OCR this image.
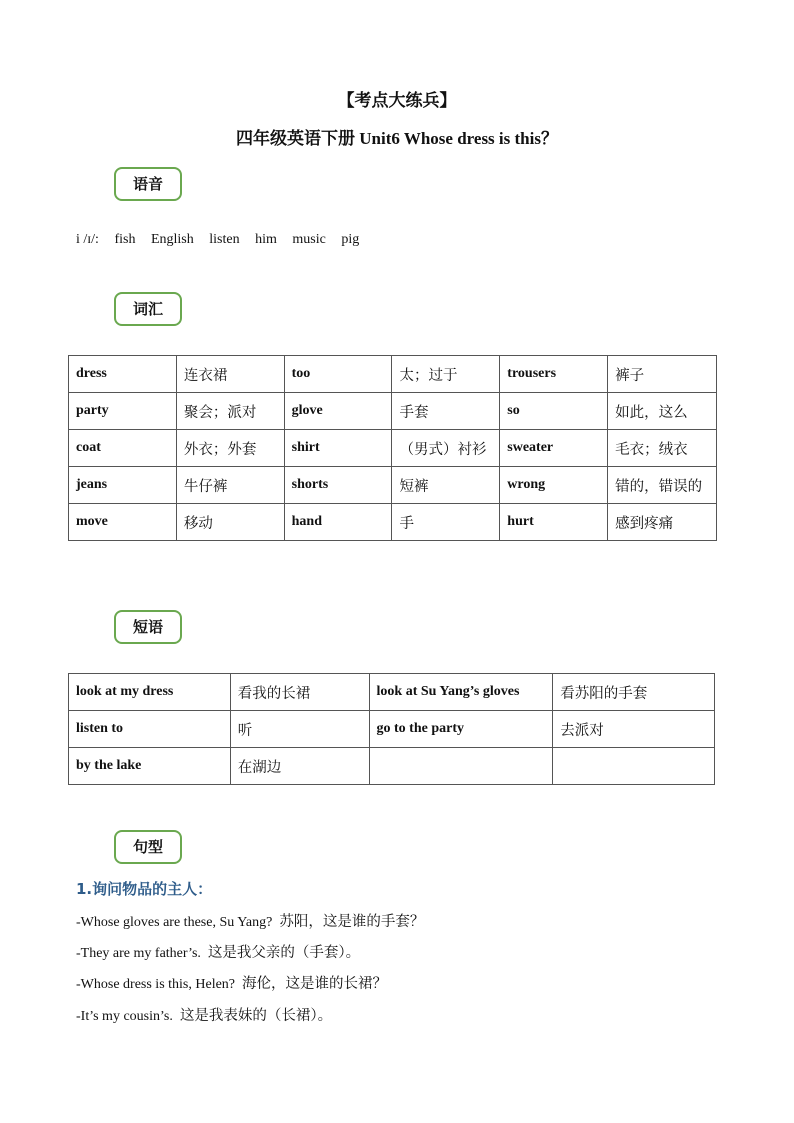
【考点大练兵】
四年级英语下册 Unit6 Whose dress is this？
语音
i /ɪ/: fish English listen him music pig
词汇
dress	连衣裙	too	太；过于	trousers	裤子
party	聚会；派对	glove	手套	so	如此，这么
coat	外衣；外套	shirt	（男式）衬衫	sweater	毛衣；绒衣
jeans	牛仔裤	shorts	短裤	wrong	错的，错误的
move	移动	hand	手	hurt	感到疼痛
短语
look at my dress	看我的长裙	look at Su Yang’s gloves	看苏阳的手套
listen to	听	go to the party	去派对
by the lake	在湖边		
句型
1.询问物品的主人：
-Whose gloves are these, Su Yang? 苏阳，这是谁的手套？
-They are my father’s. 这是我父亲的（手套）。
-Whose dress is this, Helen? 海伦，这是谁的长裙？
-It’s my cousin’s. 这是我表妹的（长裙）。
